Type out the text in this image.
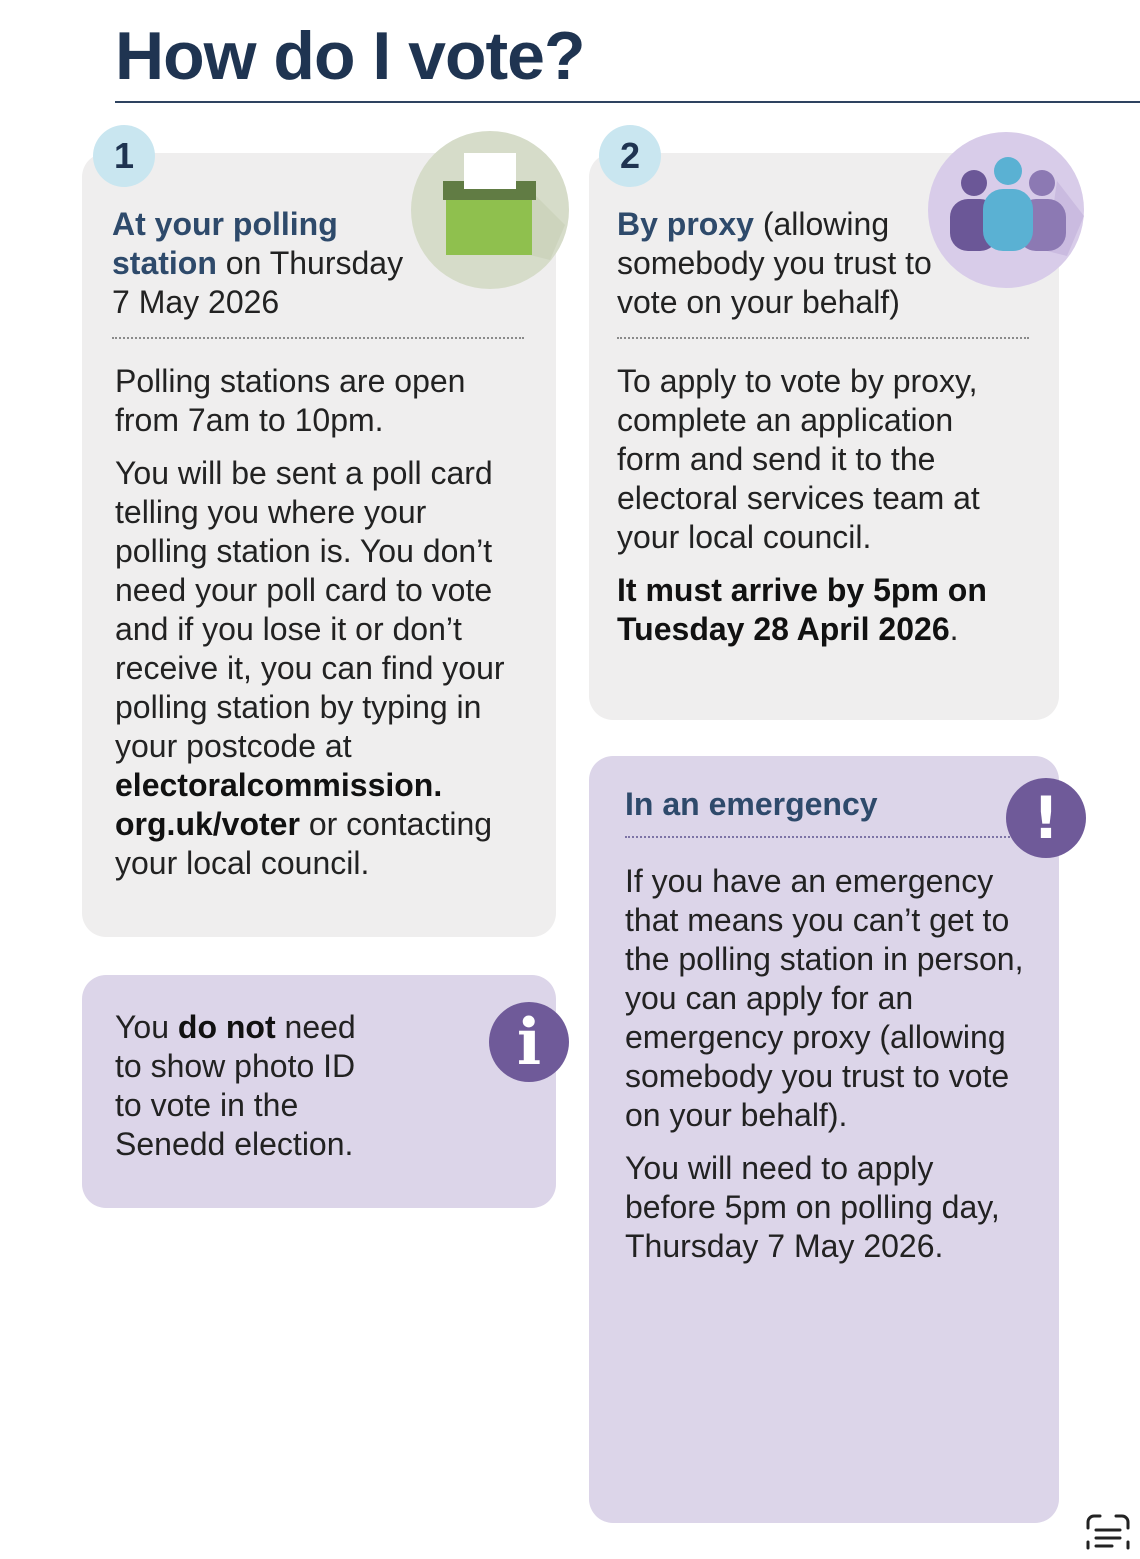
How do I vote?
1
At your polling station on Thursday 7 May 2026

Polling stations are open from 7am to 10pm.

You will be sent a poll card telling you where your polling station is. You don’t need your poll card to vote and if you lose it or don’t receive it, you can find your polling station by typing in your postcode at electoralcommission. org.uk/voter or contacting your local council.

2
By proxy (allowing somebody you trust to vote on your behalf)

To apply to vote by proxy, complete an application form and send it to the electoral services team at your local council.

It must arrive by 5pm on Tuesday 28 April 2026.

You do not need to show photo ID to vote in the Senedd election.
i
In an emergency	!

If you have an emergency that means you can’t get to the polling station in person, you can apply for an emergency proxy (allowing somebody you trust to vote on your behalf).

You will need to apply before 5pm on polling day, Thursday 7 May 2026.
